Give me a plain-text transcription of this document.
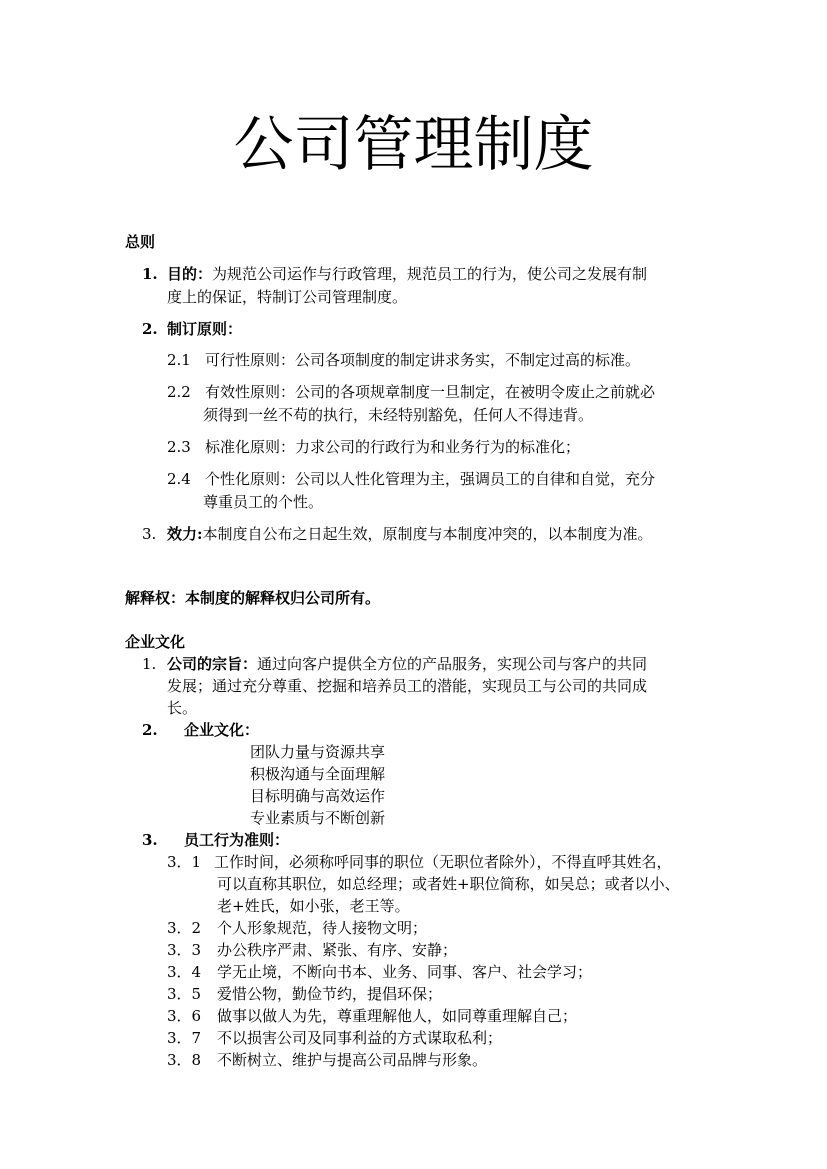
公司管理制度
总则
1. 目的：为规范公司运作与行政管理，规范员工的行为，使公司之发展有制
度上的保证，特制订公司管理制度。
2. 制订原则：
2.1 可行性原则：公司各项制度的制定讲求务实，不制定过高的标准。
2.2 有效性原则：公司的各项规章制度一旦制定，在被明令废止之前就必
须得到一丝不苟的执行，未经特别豁免，任何人不得违背。
2.3 标准化原则：力求公司的行政行为和业务行为的标准化；
2.4 个性化原则：公司以人性化管理为主，强调员工的自律和自觉，充分
尊重员工的个性。
3. 效力:本制度自公布之日起生效，原制度与本制度冲突的，以本制度为准。
解释权：本制度的解释权归公司所有。
企业文化
1. 公司的宗旨：通过向客户提供全方位的产品服务，实现公司与客户的共同
发展；通过充分尊重、挖掘和培养员工的潜能，实现员工与公司的共同成
长。
2. 企业文化：
团队力量与资源共享
积极沟通与全面理解
目标明确与高效运作
专业素质与不断创新
3. 员工行为准则：
3．1 工作时间，必须称呼同事的职位（无职位者除外），不得直呼其姓名，
可以直称其职位，如总经理；或者姓+职位简称，如吴总；或者以小、
老+姓氏，如小张，老王等。
3．2 个人形象规范，待人接物文明；
3．3 办公秩序严肃、紧张、有序、安静；
3．4 学无止境，不断向书本、业务、同事、客户、社会学习；
3．5 爱惜公物，勤俭节约，提倡环保；
3．6 做事以做人为先，尊重理解他人，如同尊重理解自己；
3．7 不以损害公司及同事利益的方式谋取私利；
3．8 不断树立、维护与提高公司品牌与形象。
